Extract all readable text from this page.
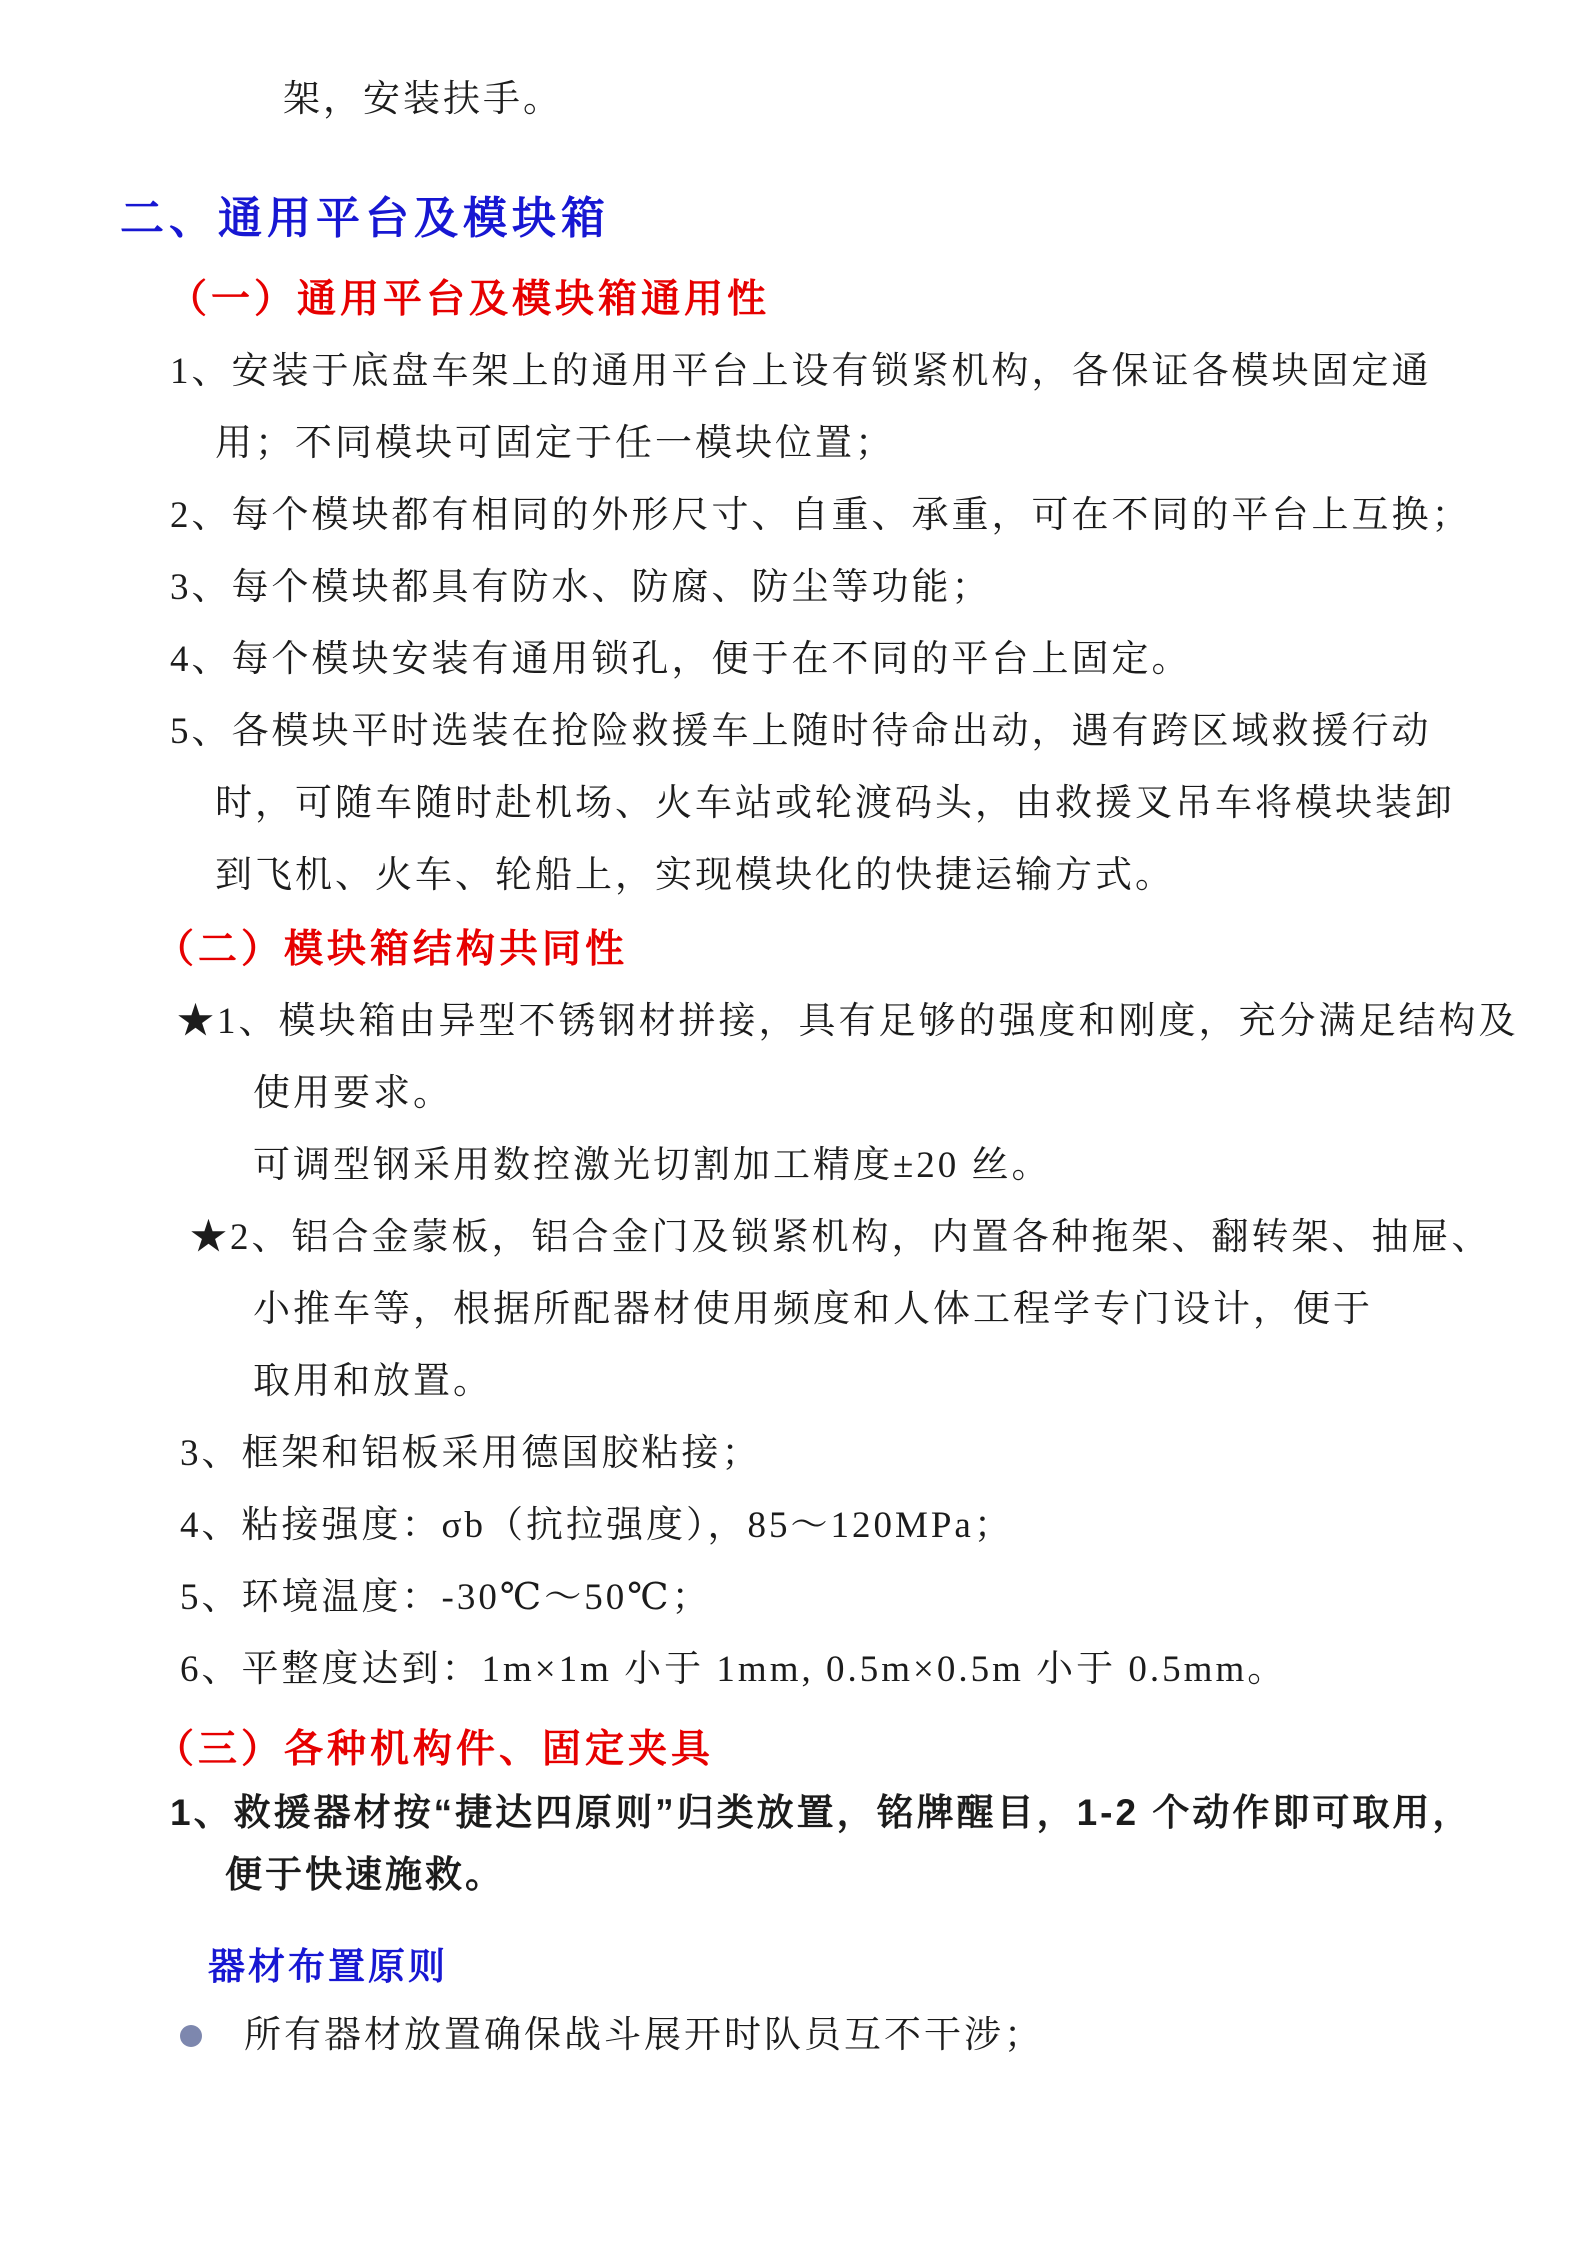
架，安装扶手。
二、通用平台及模块箱
（一）通用平台及模块箱通用性
1、安装于底盘车架上的通用平台上设有锁紧机构，各保证各模块固定通
用；不同模块可固定于任一模块位置；
2、每个模块都有相同的外形尺寸、自重、承重，可在不同的平台上互换；
3、每个模块都具有防水、防腐、防尘等功能；
4、每个模块安装有通用锁孔，便于在不同的平台上固定。
5、各模块平时选装在抢险救援车上随时待命出动，遇有跨区域救援行动
时，可随车随时赴机场、火车站或轮渡码头，由救援叉吊车将模块装卸
到飞机、火车、轮船上，实现模块化的快捷运输方式。
（二）模块箱结构共同性
★1、模块箱由异型不锈钢材拼接，具有足够的强度和刚度，充分满足结构及
使用要求。
可调型钢采用数控激光切割加工精度±20 丝。
★2、铝合金蒙板，铝合金门及锁紧机构，内置各种拖架、翻转架、抽屉、
小推车等，根据所配器材使用频度和人体工程学专门设计，便于
取用和放置。
3、框架和铝板采用德国胶粘接；
4、粘接强度：σb（抗拉强度），85～120MPa；
5、环境温度：-30℃～50℃；
6、平整度达到：1m×1m 小于 1mm, 0.5m×0.5m 小于 0.5mm。
（三）各种机构件、固定夹具
1、救援器材按“捷达四原则”归类放置，铭牌醒目，1-2 个动作即可取用，
便于快速施救。
器材布置原则
所有器材放置确保战斗展开时队员互不干涉；
